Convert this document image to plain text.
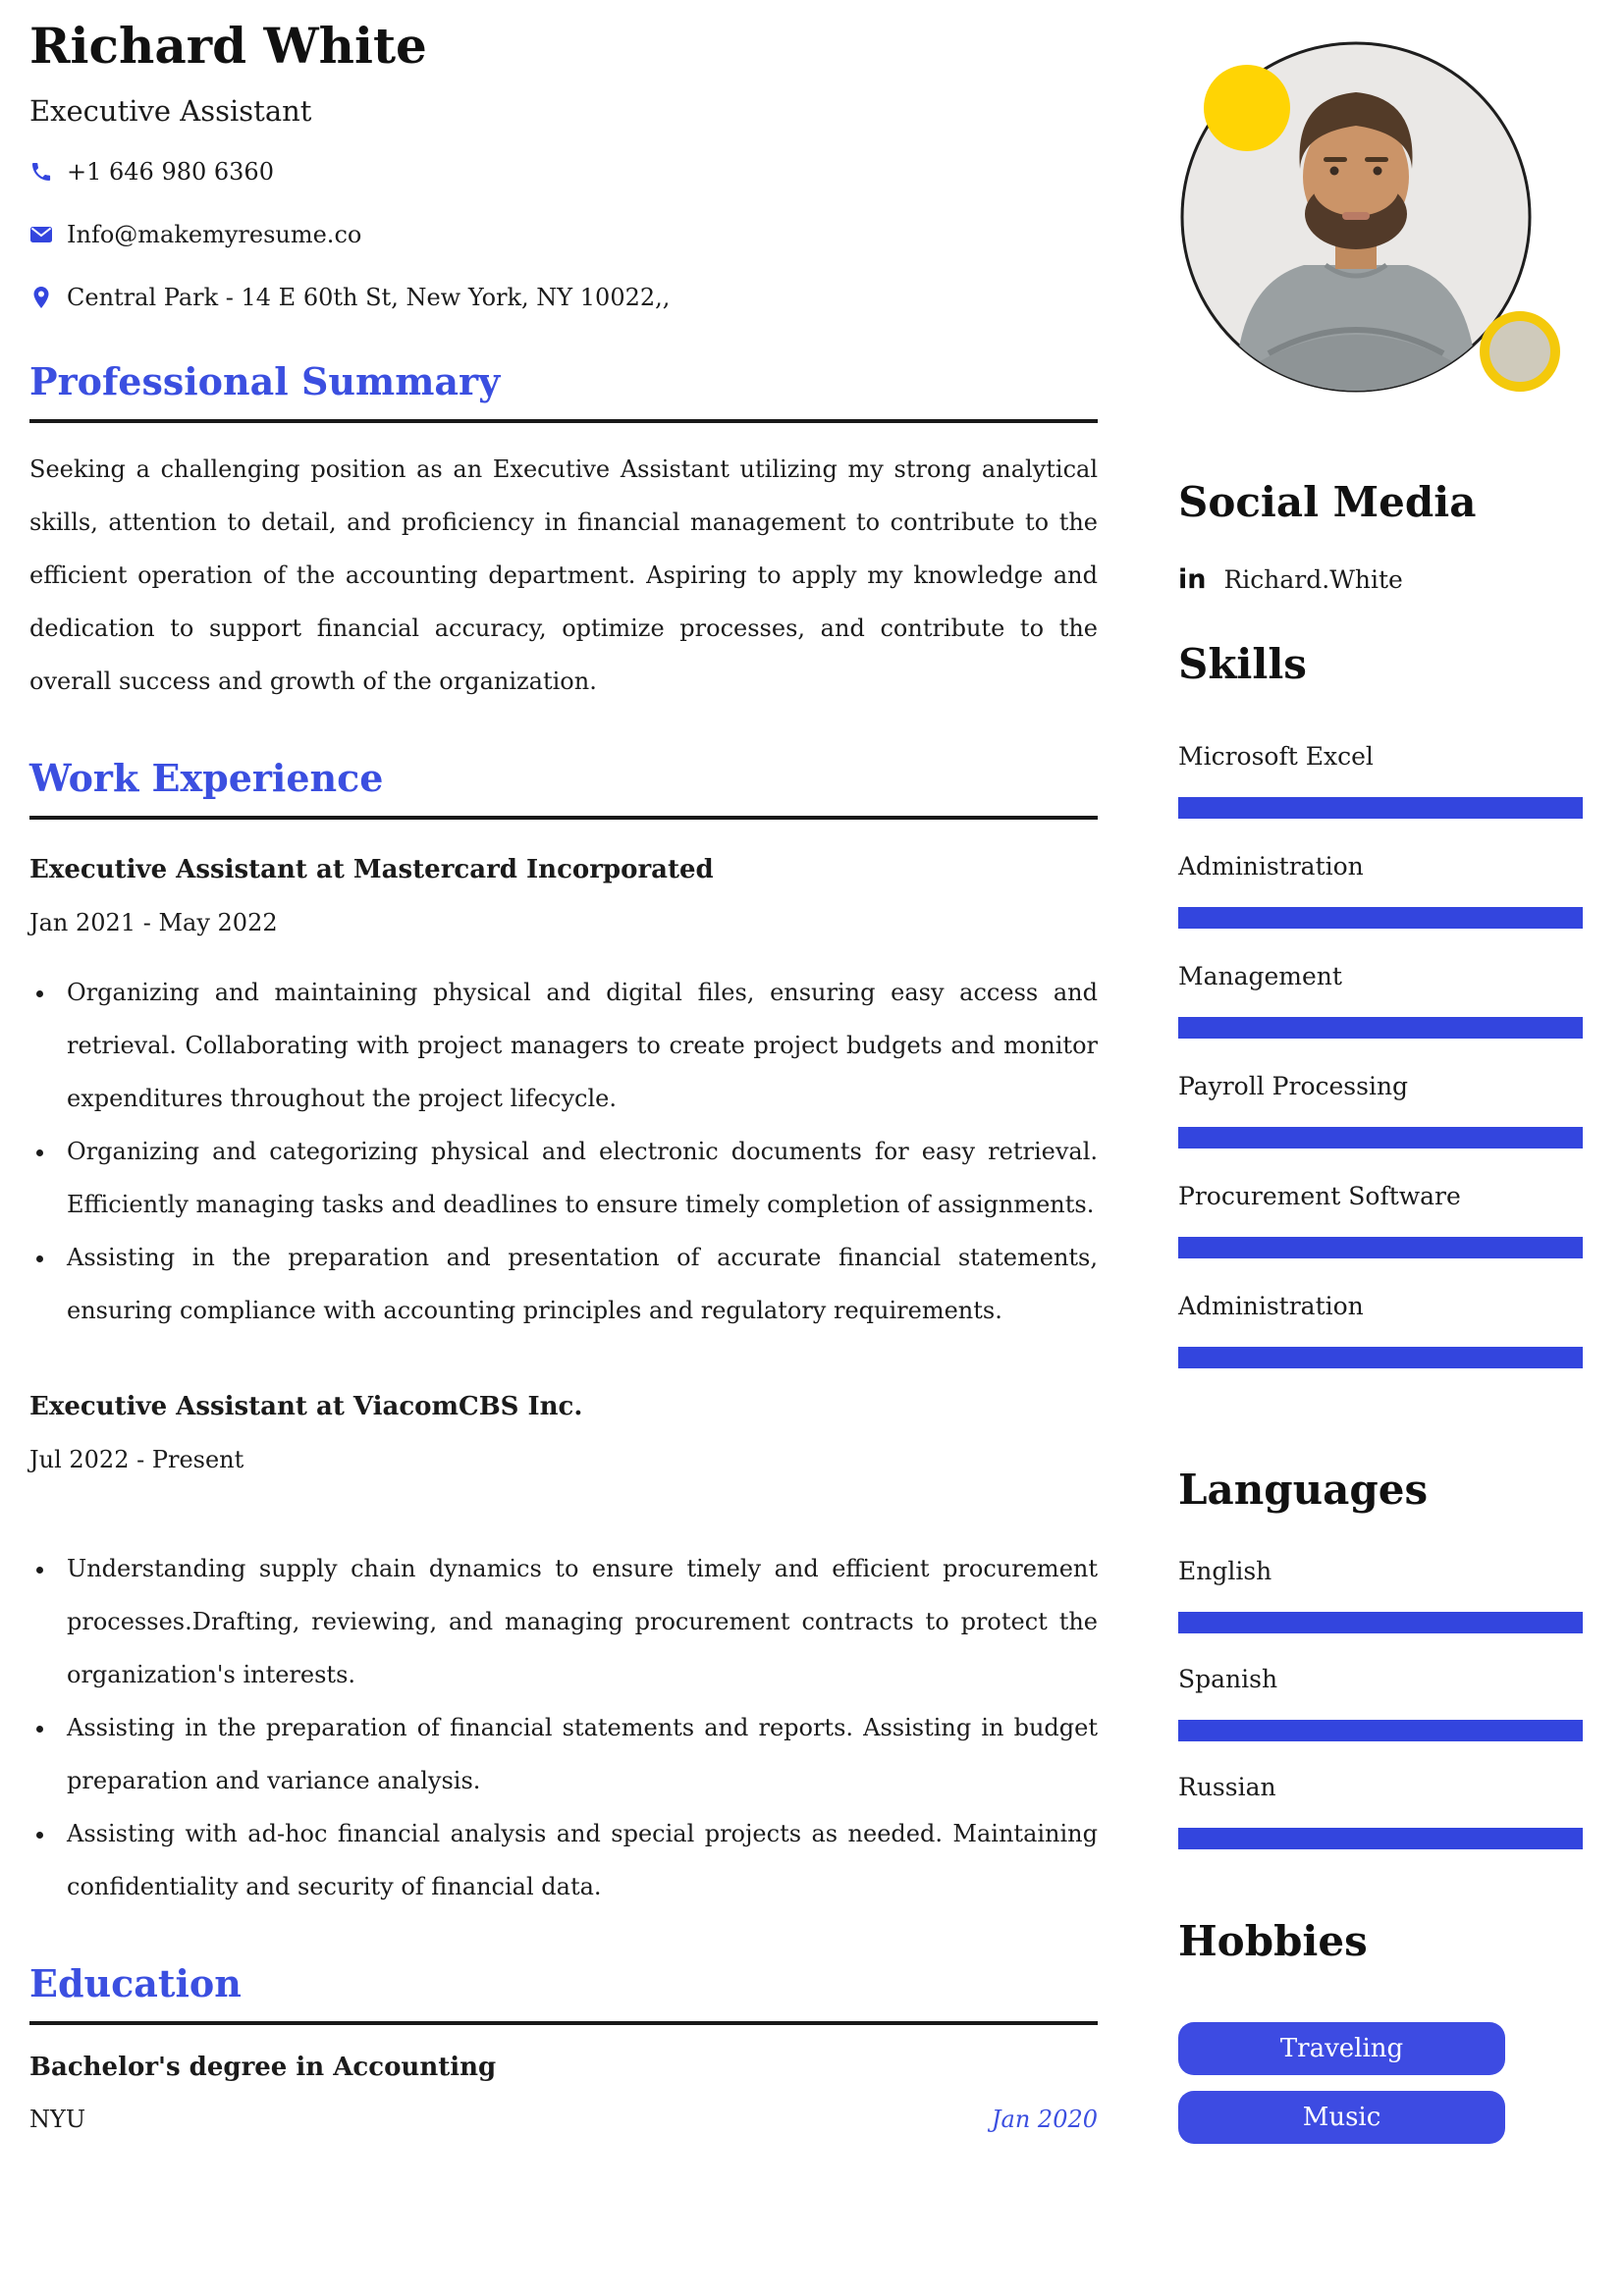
Richard White
Executive Assistant
+1 646 980 6360
Info@makemyresume.co
Central Park - 14 E 60th St, New York, NY 10022,,
Professional Summary

Seeking a challenging position as an Executive Assistant utilizing my strong analytical skills, attention to detail, and proficiency in financial management to contribute to the efficient operation of the accounting department. Aspiring to apply my knowledge and dedication to support financial accuracy, optimize processes, and contribute to the overall success and growth of the organization.

Work Experience
Executive Assistant at Mastercard Incorporated
Jan 2021 - May 2022
• Organizing and maintaining physical and digital files, ensuring easy access and retrieval. Collaborating with project managers to create project budgets and monitor expenditures throughout the project lifecycle.
• Organizing and categorizing physical and electronic documents for easy retrieval. Efficiently managing tasks and deadlines to ensure timely completion of assignments.
• Assisting in the preparation and presentation of accurate financial statements, ensuring compliance with accounting principles and regulatory requirements.
Executive Assistant at ViacomCBS Inc.
Jul 2022 - Present
• Understanding supply chain dynamics to ensure timely and efficient procurement processes.Drafting, reviewing, and managing procurement contracts to protect the organization's interests.
• Assisting in the preparation of financial statements and reports. Assisting in budget preparation and variance analysis.
• Assisting with ad-hoc financial analysis and special projects as needed. Maintaining confidentiality and security of financial data.
Education
Bachelor's degree in Accounting
NYU	Jan 2020
Social Media
in Richard.White
Skills
Microsoft Excel
Administration
Management
Payroll Processing
Procurement Software
Administration
Languages
English
Spanish
Russian
Hobbies
Traveling
Music
